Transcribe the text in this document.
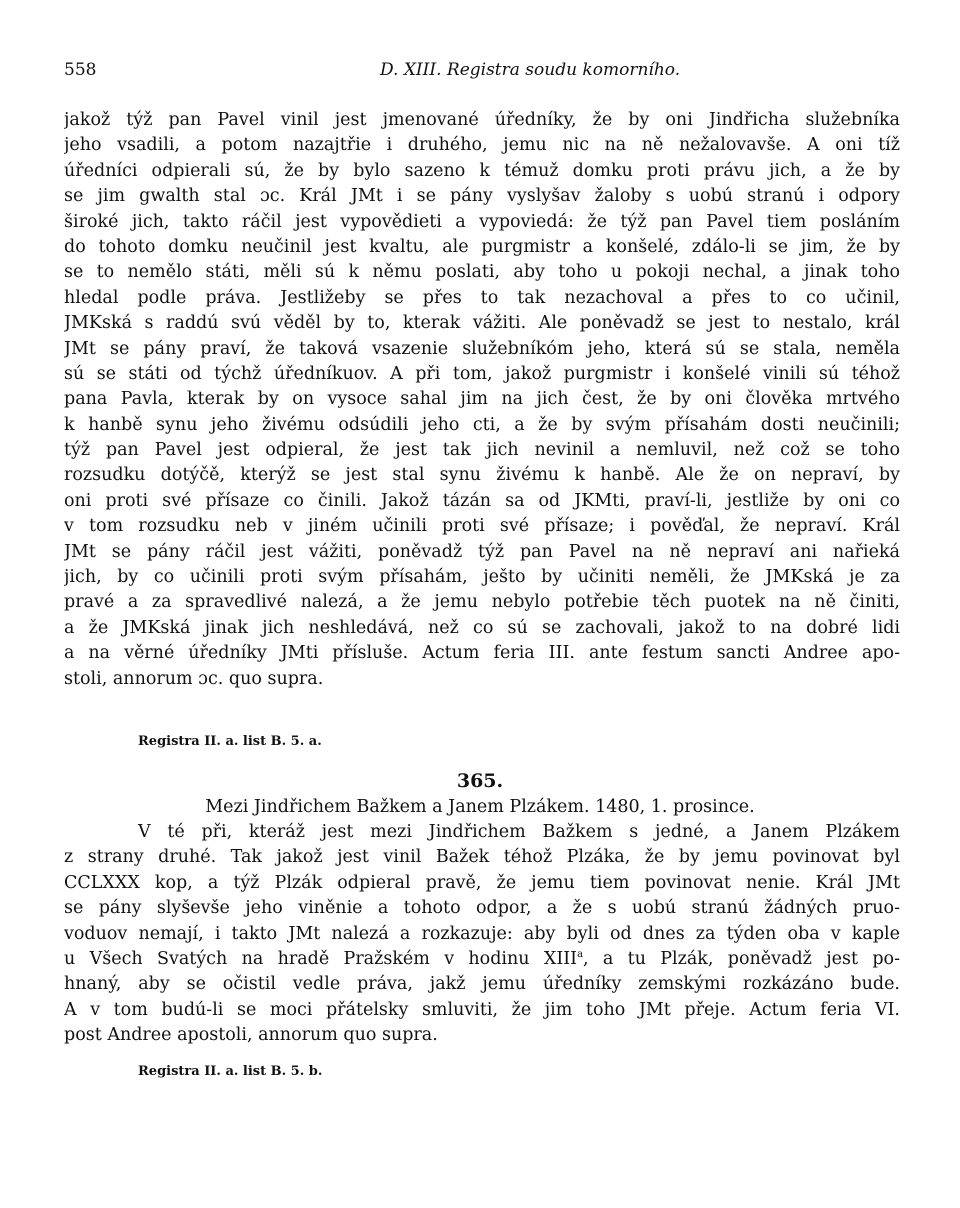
558	D. XIII. Registra soudu komorního.
jakož týž pan Pavel vinil jest jmenované úředníky, že by oni Jindřicha služebníka
jeho vsadili, a potom nazajtřie i druhého, jemu nic na ně nežalovavše. A oni tíž
úředníci odpierali sú, že by bylo sazeno k témuž domku proti právu jich, a že by
se jim gwalth stal ɔc. Král JMt i se pány vyslyšav žaloby s uobú stranú i odpory
široké jich, takto ráčil jest vypovědieti a vypoviedá: že týž pan Pavel tiem posláním
do tohoto domku neučinil jest kvaltu, ale purgmistr a konšelé, zdálo-li se jim, že by
se to nemělo státi, měli sú k němu poslati, aby toho u pokoji nechal, a jinak toho
hledal podle práva. Jestližeby se přes to tak nezachoval a přes to co učinil,
JMKská s raddú svú věděl by to, kterak vážiti. Ale poněvadž se jest to nestalo, král
JMt se pány praví, že taková vsazenie služebníkóm jeho, která sú se stala, neměla
sú se státi od týchž úředníkuov. A při tom, jakož purgmistr i konšelé vinili sú téhož
pana Pavla, kterak by on vysoce sahal jim na jich čest, že by oni člověka mrtvého
k hanbě synu jeho živému odsúdili jeho cti, a že by svým přísahám dosti neučinili;
týž pan Pavel jest odpieral, že jest tak jich nevinil a nemluvil, než což se toho
rozsudku dotýčě, kterýž se jest stal synu živému k hanbě. Ale že on nepraví, by
oni proti své přísaze co činili. Jakož tázán sa od JKMti, praví-li, jestliže by oni co
v tom rozsudku neb v jiném učinili proti své přísaze; i pověďal, že nepraví. Král
JMt se pány ráčil jest vážiti, poněvadž týž pan Pavel na ně nepraví ani nařieká
jich, by co učinili proti svým přísahám, ješto by učiniti neměli, že JMKská je za
pravé a za spravedlivé nalezá, a že jemu nebylo potřebie těch puotek na ně činiti,
a že JMKská jinak jich neshledává, než co sú se zachovali, jakož to na dobré lidi
a na věrné úředníky JMti přísluše. Actum feria III. ante festum sancti Andree apo-
stoli, annorum ɔc. quo supra.
Registra II. a. list B. 5. a.
365.
Mezi Jindřichem Bažkem a Janem Plzákem. 1480, 1. prosince.
V té při, kteráž jest mezi Jindřichem Bažkem s jedné, a Janem Plzákem
z strany druhé. Tak jakož jest vinil Bažek téhož Plzáka, že by jemu povinovat byl
CCLXXX kop, a týž Plzák odpieral pravě, že jemu tiem povinovat nenie. Král JMt
se pány slyševše jeho viněnie a tohoto odpor, a že s uobú stranú žádných pruo-
voduov nemají, i takto JMt nalezá a rozkazuje: aby byli od dnes za týden oba v kaple
u Všech Svatých na hradě Pražském v hodinu XIII$^a$, a tu Plzák, poněvadž jest po-
hnaný, aby se očistil vedle práva, jakž jemu úředníky zemskými rozkázáno bude.
A v tom budú-li se moci přátelsky smluviti, že jim toho JMt přeje. Actum feria VI.
post Andree apostoli, annorum quo supra.
Registra II. a. list B. 5. b.
